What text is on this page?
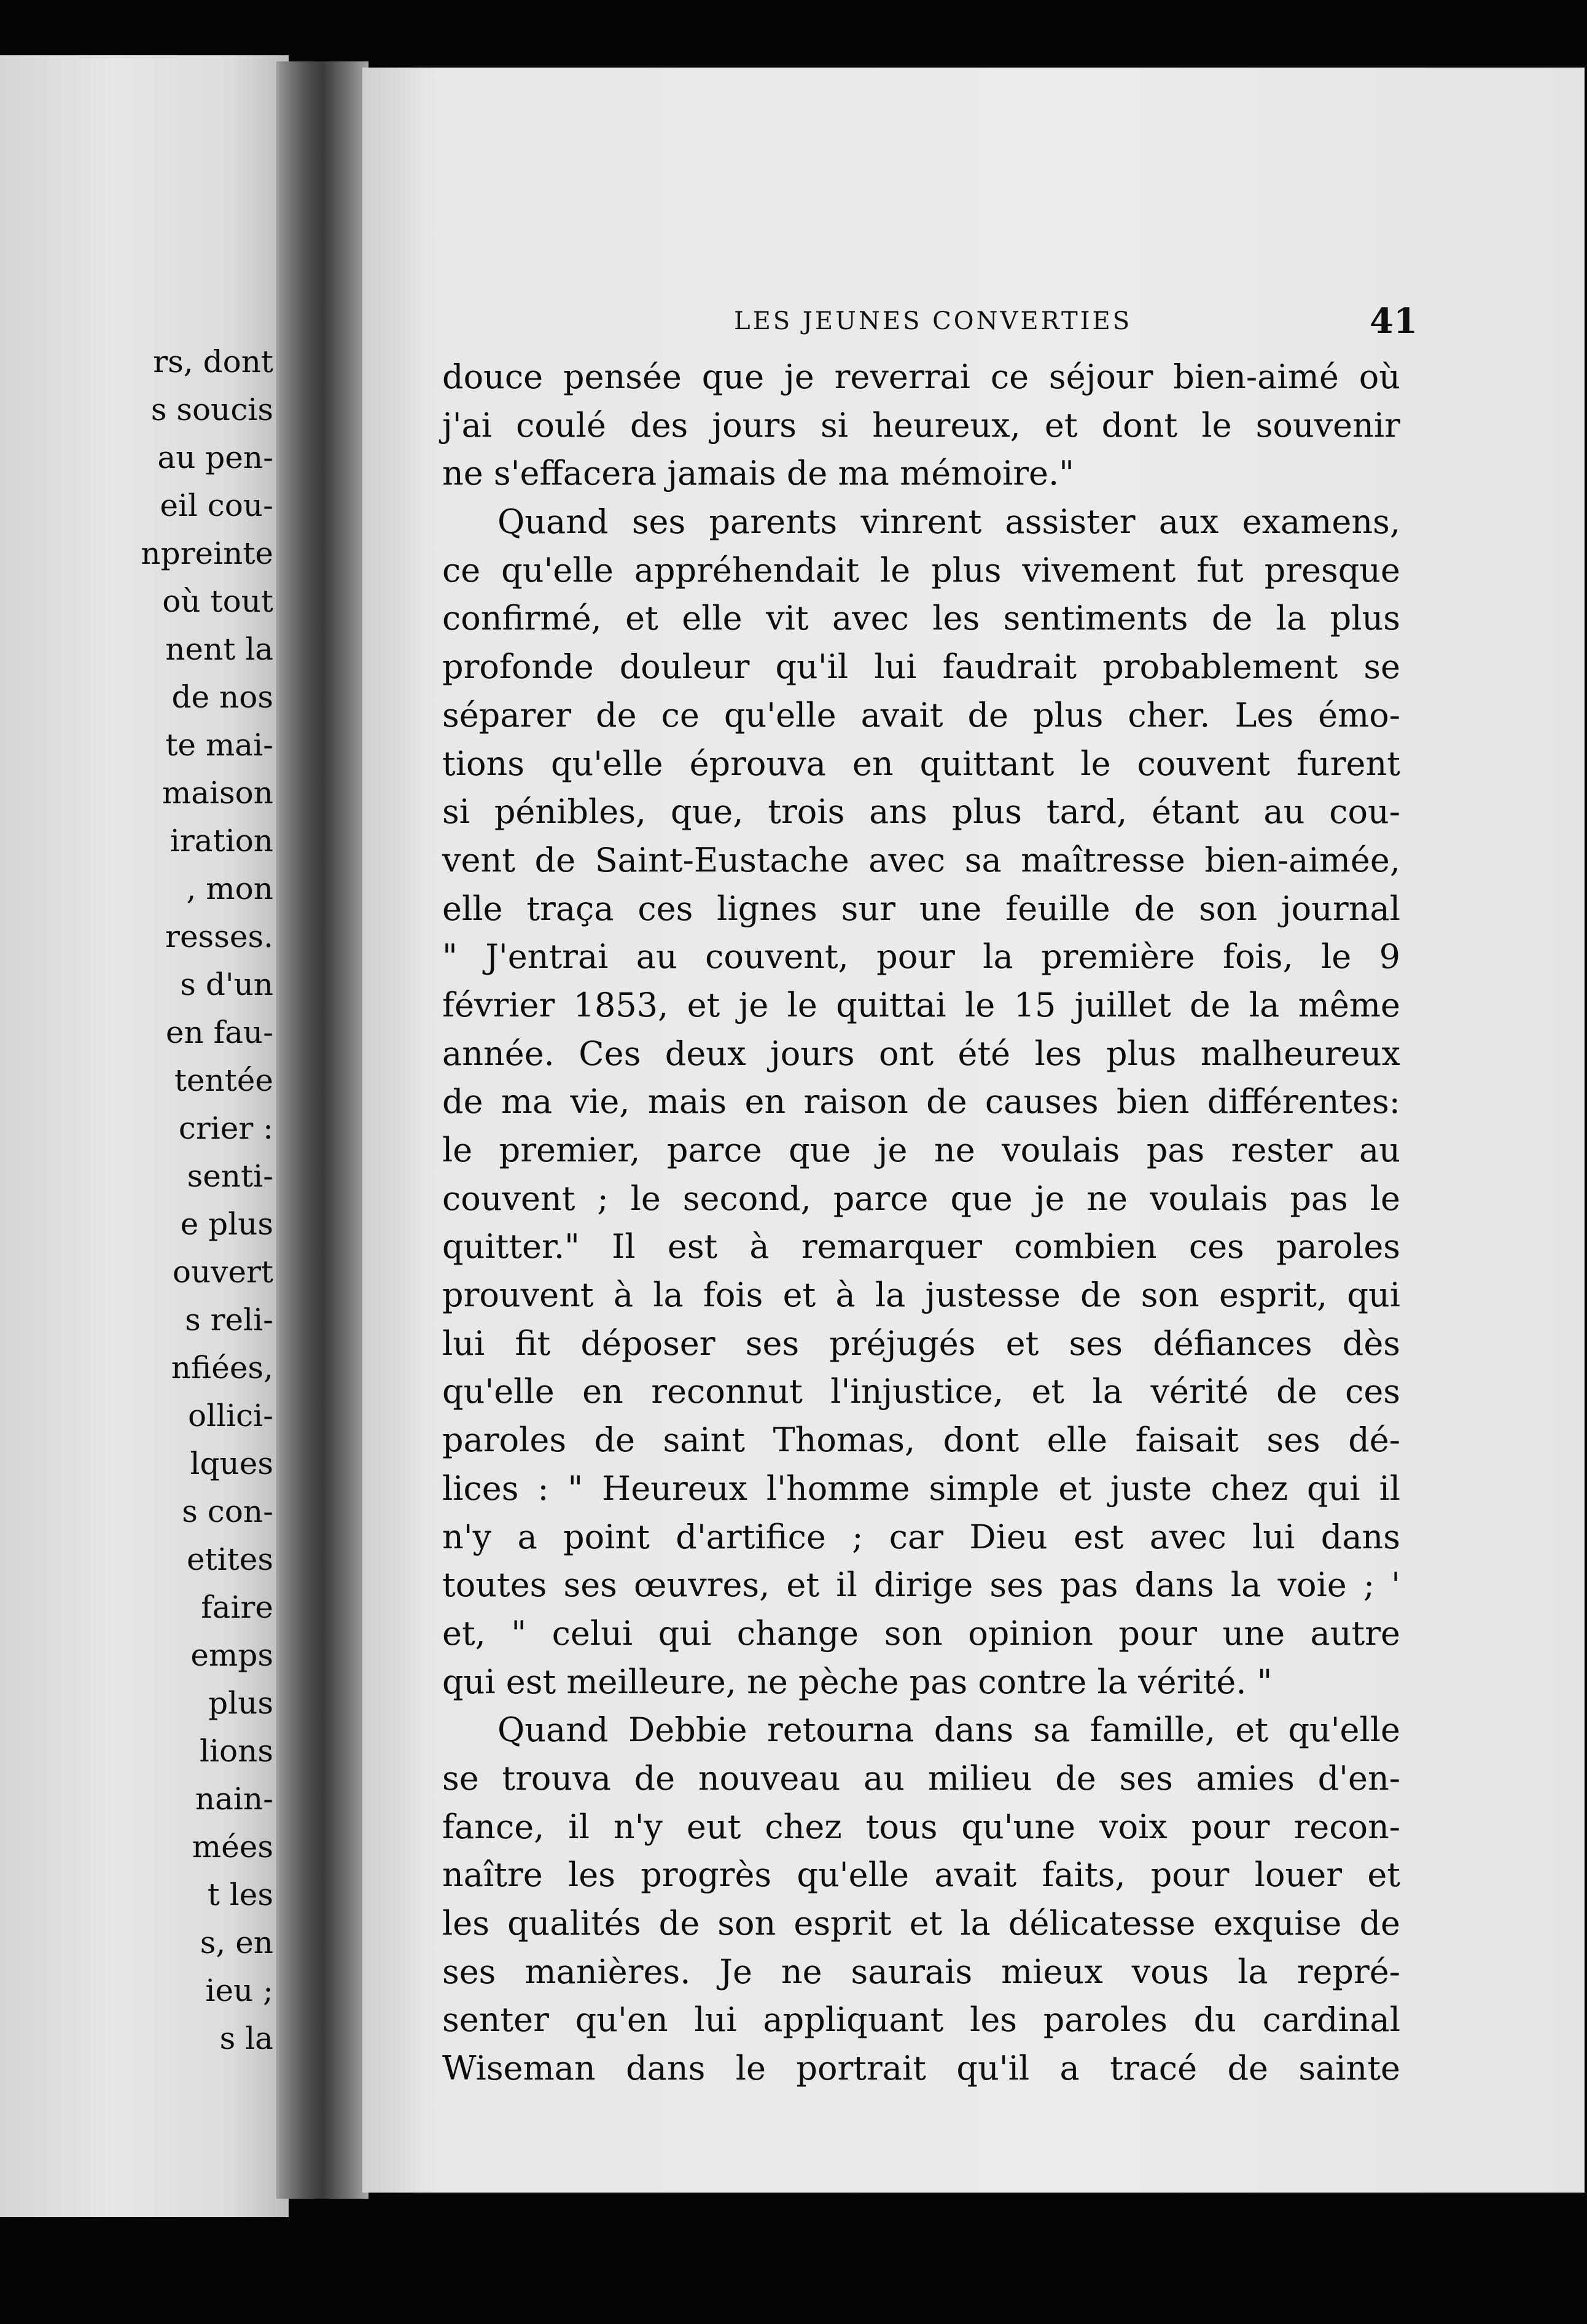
rs, dont
s soucis
au pen-
eil cou-
npreinte
où tout
nent la
de nos
te mai-
maison
iration
, mon
resses.
s d'un
en fau-
tentée
crier :
senti-
e plus
ouvert
s reli-
nfiées,
ollici-
lques
s con-
etites
faire
emps
plus
lions
nain-
mées
t les
s, en
ieu ;
s la
LES JEUNES CONVERTIES	41
douce pensée que je reverrai ce séjour bien-aimé où
j'ai coulé des jours si heureux, et dont le souvenir
ne s'effacera jamais de ma mémoire."
Quand ses parents vinrent assister aux examens,
ce qu'elle appréhendait le plus vivement fut presque
confirmé, et elle vit avec les sentiments de la plus
profonde douleur qu'il lui faudrait probablement se
séparer de ce qu'elle avait de plus cher. Les émo-
tions qu'elle éprouva en quittant le couvent furent
si pénibles, que, trois ans plus tard, étant au cou-
vent de Saint-Eustache avec sa maîtresse bien-aimée,
elle traça ces lignes sur une feuille de son journal
" J'entrai au couvent, pour la première fois, le 9
février 1853, et je le quittai le 15 juillet de la même
année. Ces deux jours ont été les plus malheureux
de ma vie, mais en raison de causes bien différentes:
le premier, parce que je ne voulais pas rester au
couvent ; le second, parce que je ne voulais pas le
quitter." Il est à remarquer combien ces paroles
prouvent à la fois et à la justesse de son esprit, qui
lui fit déposer ses préjugés et ses défiances dès
qu'elle en reconnut l'injustice, et la vérité de ces
paroles de saint Thomas, dont elle faisait ses dé-
lices : " Heureux l'homme simple et juste chez qui il
n'y a point d'artifice ; car Dieu est avec lui dans
toutes ses œuvres, et il dirige ses pas dans la voie ; '
et, " celui qui change son opinion pour une autre
qui est meilleure, ne pèche pas contre la vérité. "
Quand Debbie retourna dans sa famille, et qu'elle
se trouva de nouveau au milieu de ses amies d'en-
fance, il n'y eut chez tous qu'une voix pour recon-
naître les progrès qu'elle avait faits, pour louer et
les qualités de son esprit et la délicatesse exquise de
ses manières. Je ne saurais mieux vous la repré-
senter qu'en lui appliquant les paroles du cardinal
Wiseman dans le portrait qu'il a tracé de sainte
